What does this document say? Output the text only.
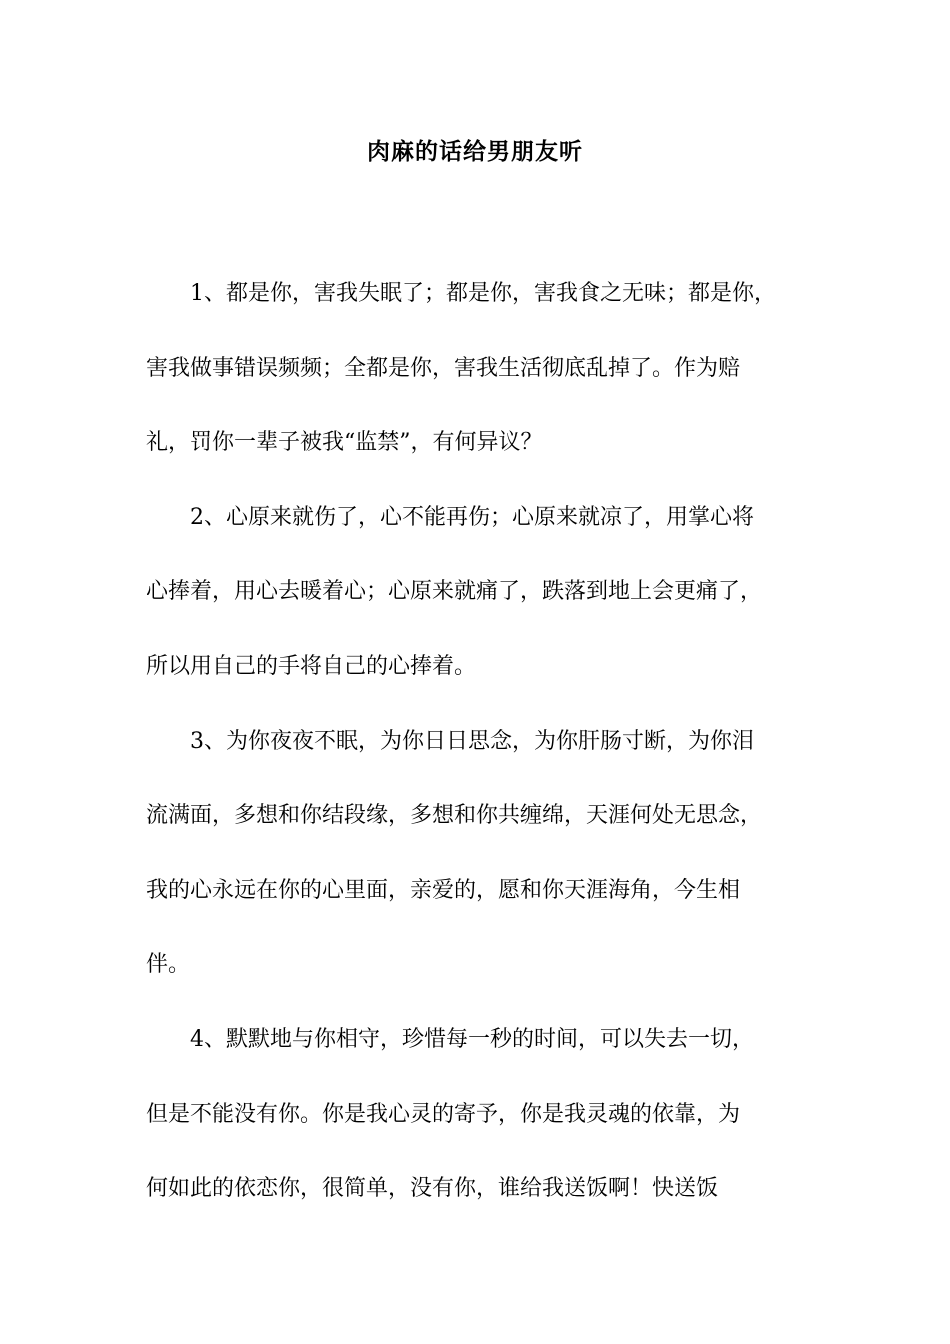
肉麻的话给男朋友听
1、都是你，害我失眠了；都是你，害我食之无味；都是你，
害我做事错误频频；全都是你，害我生活彻底乱掉了。作为赔
礼，罚你一辈子被我“监禁”，有何异议？
2、心原来就伤了，心不能再伤；心原来就凉了，用掌心将
心捧着，用心去暖着心；心原来就痛了，跌落到地上会更痛了，
所以用自己的手将自己的心捧着。
3、为你夜夜不眠，为你日日思念，为你肝肠寸断，为你泪
流满面，多想和你结段缘，多想和你共缠绵，天涯何处无思念，
我的心永远在你的心里面，亲爱的，愿和你天涯海角，今生相
伴。
4、默默地与你相守，珍惜每一秒的时间，可以失去一切，
但是不能没有你。你是我心灵的寄予，你是我灵魂的依靠，为
何如此的依恋你，很简单，没有你，谁给我送饭啊！快送饭
